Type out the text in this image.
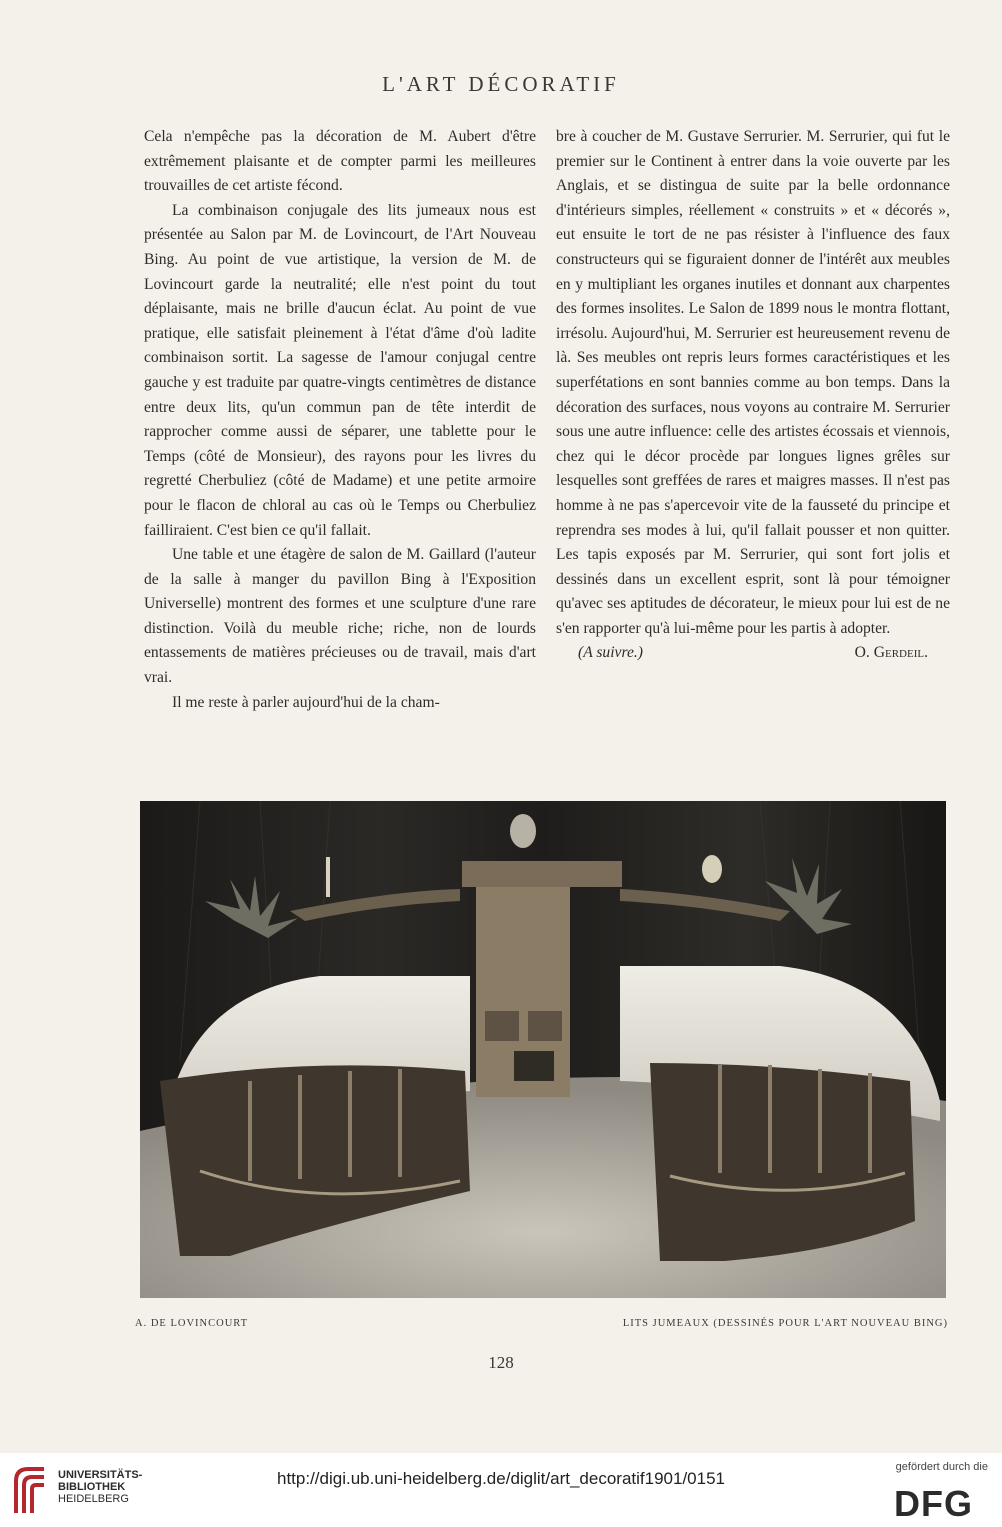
L'ART DÉCORATIF

Cela n'empêche pas la décoration de M. Aubert d'être extrêmement plaisante et de compter parmi les meilleures trouvailles de cet artiste fécond.

La combinaison conjugale des lits jumeaux nous est présentée au Salon par M. de Lovincourt, de l'Art Nouveau Bing. Au point de vue artistique, la version de M. de Lovincourt garde la neutralité; elle n'est point du tout déplaisante, mais ne brille d'aucun éclat. Au point de vue pratique, elle satisfait pleinement à l'état d'âme d'où ladite combinaison sortit. La sagesse de l'amour conjugal centre gauche y est traduite par quatre-vingts centimètres de distance entre deux lits, qu'un commun pan de tête interdit de rapprocher comme aussi de séparer, une tablette pour le Temps (côté de Monsieur), des rayons pour les livres du regretté Cherbuliez (côté de Madame) et une petite armoire pour le flacon de chloral au cas où le Temps ou Cherbuliez failliraient. C'est bien ce qu'il fallait.

Une table et une étagère de salon de M. Gaillard (l'auteur de la salle à manger du pavillon Bing à l'Exposition Universelle) montrent des formes et une sculpture d'une rare distinction. Voilà du meuble riche; riche, non de lourds entassements de matières précieuses ou de travail, mais d'art vrai.

Il me reste à parler aujourd'hui de la cham-

bre à coucher de M. Gustave Serrurier. M. Serrurier, qui fut le premier sur le Continent à entrer dans la voie ouverte par les Anglais, et se distingua de suite par la belle ordonnance d'intérieurs simples, réellement « construits » et « décorés », eut ensuite le tort de ne pas résister à l'influence des faux constructeurs qui se figuraient donner de l'intérêt aux meubles en y multipliant les organes inutiles et donnant aux charpentes des formes insolites. Le Salon de 1899 nous le montra flottant, irrésolu. Aujourd'hui, M. Serrurier est heureusement revenu de là. Ses meubles ont repris leurs formes caractéristiques et les superfétations en sont bannies comme au bon temps. Dans la décoration des surfaces, nous voyons au contraire M. Serrurier sous une autre influence: celle des artistes écossais et viennois, chez qui le décor procède par longues lignes grêles sur lesquelles sont greffées de rares et maigres masses. Il n'est pas homme à ne pas s'apercevoir vite de la fausseté du principe et reprendra ses modes à lui, qu'il fallait pousser et non quitter. Les tapis exposés par M. Serrurier, qui sont fort jolis et dessinés dans un excellent esprit, sont là pour témoigner qu'avec ses aptitudes de décorateur, le mieux pour lui est de ne s'en rapporter qu'à lui-même pour les partis à adopter.

(A suivre.)	O. Gerdeil.
A. DE LOVINCOURT	LITS JUMEAUX (DESSINÉS POUR L'ART NOUVEAU BING)
128
UNIVERSITÄTS-
BIBLIOTHEK
HEIDELBERG
http://digi.ub.uni-heidelberg.de/diglit/art_decoratif1901/0151
gefördert durch die
DFG
